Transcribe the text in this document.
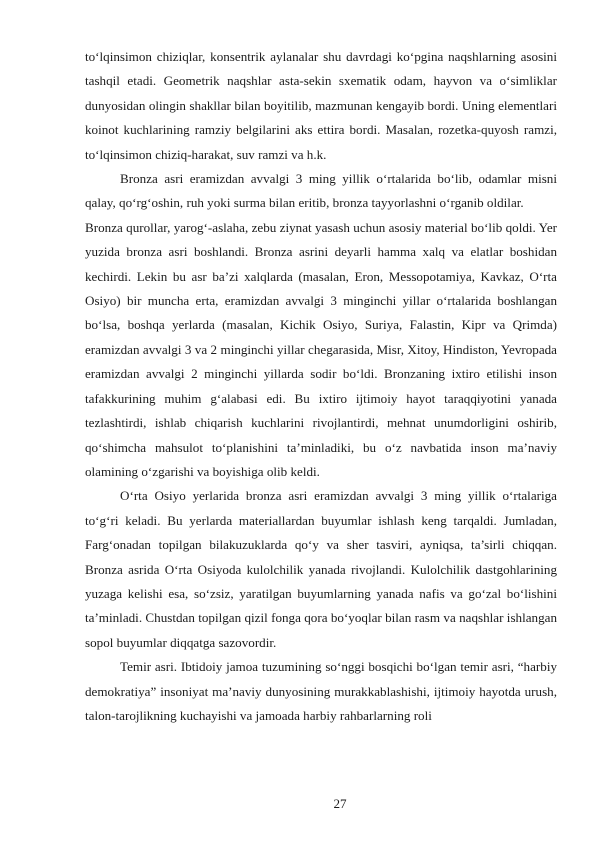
to‘lqinsimon chiziqlar, konsentrik aylanalar shu davrdagi ko‘pgina naqshlarning asosini tashqil etadi. Geometrik naqshlar asta-sekin sxematik odam, hayvon va o‘simliklar dunyosidan olingin shakllar bilan boyitilib, mazmunan kengayib bordi. Uning elementlari koinot kuchlarining ramziy belgilarini aks ettira bordi. Masalan, rozetka-quyosh ramzi, to‘lqinsimon chiziq-harakat, suv ramzi va h.k.

Bronza asri eramizdan avvalgi 3 ming yillik o‘rtalarida bo‘lib, odamlar misni qalay, qo‘rg‘oshin, ruh yoki surma bilan eritib, bronza tayyorlashni o‘rganib oldilar.

Bronza qurollar, yarog‘-aslaha, zebu ziynat yasash uchun asosiy material bo‘lib qoldi. Yer yuzida bronza asri boshlandi. Bronza asrini deyarli hamma xalq va elatlar boshidan kechirdi. Lekin bu asr ba’zi xalqlarda (masalan, Eron, Messopotamiya, Kavkaz, O‘rta Osiyo) bir muncha erta, eramizdan avvalgi 3 minginchi yillar o‘rtalarida boshlangan bo‘lsa, boshqa yerlarda (masalan, Kichik Osiyo, Suriya, Falastin, Kipr va Qrimda) eramizdan avvalgi 3 va 2 minginchi yillar chegarasida, Misr, Xitoy, Hindiston, Yevropada eramizdan avvalgi 2 minginchi yillarda sodir bo‘ldi. Bronzaning ixtiro etilishi inson tafakkurining muhim g‘alabasi edi. Bu ixtiro ijtimoiy hayot taraqqiyotini yanada tezlashtirdi, ishlab chiqarish kuchlarini rivojlantirdi, mehnat unumdorligini oshirib, qo‘shimcha mahsulot to‘planishini ta’minladiki, bu o‘z navbatida inson ma’naviy olamining o‘zgarishi va boyishiga olib keldi.

O‘rta Osiyo yerlarida bronza asri eramizdan avvalgi 3 ming yillik o‘rtalariga to‘g‘ri keladi. Bu yerlarda materiallardan buyumlar ishlash keng tarqaldi. Jumladan, Farg‘onadan topilgan bilakuzuklarda qo‘y va sher tasviri, ayniqsa, ta’sirli chiqqan. Bronza asrida O‘rta Osiyoda kulolchilik yanada rivojlandi. Kulolchilik dastgohlarining yuzaga kelishi esa, so‘zsiz, yaratilgan buyumlarning yanada nafis va go‘zal bo‘lishini ta’minladi. Chustdan topilgan qizil fonga qora bo‘yoqlar bilan rasm va naqshlar ishlangan sopol buyumlar diqqatga sazovordir.

Temir asri. Ibtidoiy jamoa tuzumining so‘nggi bosqichi bo‘lgan temir asri, “harbiy demokratiya” insoniyat ma’naviy dunyosining murakkablashishi, ijtimoiy hayotda urush, talon-tarojlikning kuchayishi va jamoada harbiy rahbarlarning roli

27
